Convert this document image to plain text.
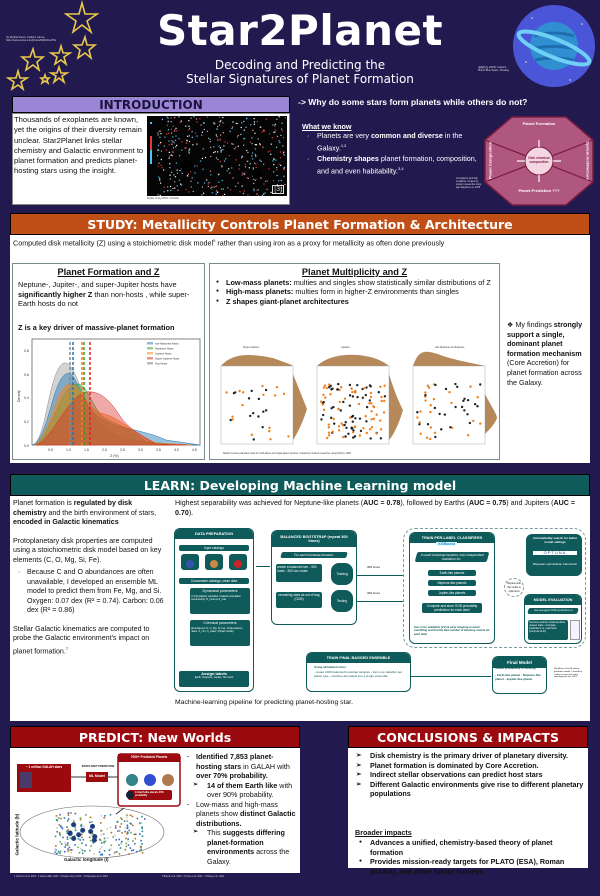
(1) Myrilda Stores. Untitled. Canva. https://www.canva.com/photos/MADzDe27Fk	Star2Planet
Decoding and Predicting the
Stellar Signatures of Planet Formation
漫画科技 (2025). Cartoon Planet Blue Space. Pixabay.
INTRODUCTION
Thousands of exoplanets are known, yet the origins of their diversity remain unclear. Star2Planet links stellar chemistry and Galactic environment to planet formation and predicts planet-hosting stars using the insight.
[3]
Kepler orrery 2016. YouTube.
-> Why do some stars form planets while others do not?
What we know
· Planets are very common and diverse in the Galaxy.$^{1,2}$
· Chemistry shapes planet formation, composition, and and even habitability.$^{3,4}$
Correlations with disk metallicity. Created by student researcher using app.diagrams.net, 2025
Planet Formation
Planet Prediction ???
Planet Composition	System Architecture
Disk chemical composition
STUDY: Metallicity Controls Planet Formation & Architecture
Computed disk metallicity (Z) using a stoichiometric disk model$^5$ rather than using iron as a proxy for metallicity as often done previously
Planet Formation and Z
Neptune-, Jupiter-, and super-Jupiter hosts have significantly higher Z than non-hosts , while super-Earth hosts do not
Z is a key driver of massive-planet formation
0.0
0.2
0.4
0.6
0.8
0.5	1.0	1.5	2.0	2.5	3.0	3.5	4.0	4.5
Z (%)
Density
sub-Neptunes Hosts
Neptunes Hosts
Jupiters Hosts
Super-Jupiters Hosts
Non-Hosts
Planet Multiplicity and Z
● Low-mass planets: multies and singles show statistically similar distributions of Z
● High-mass planets: multies form in higher-Z environments than singles
● Z shapes giant-planet architectures
Super-Jupiters	Jupiters	sub-Neptunes & Neptunes
Stellar Z versus planetary mass for multi-planet and single-planet systems. Created by student researcher using Python, 2025
❖ My findings strongly support a single, dominant planet formation mechanism (Core Accretion) for planet formation across the Galaxy.
LEARN: Developing Machine Learning model

Planet formation is regulated by disk chemistry and the birth environment of stars, encoded in Galactic kinematics

Protoplanetary disk properties are computed using a stoichiometric disk model based on key elements (C, O, Mg, Si, Fe).
· Because C and O abundances are often unavailable, I developed an ensemble ML model to predict them from Fe, Mg, and Si. Oxygen: 0.07 dex (R² = 0.74). Carbon: 0.06 dex (R² = 0.86)

Stellar Galactic kinematics are computed to probe the Galactic environment's impact on planet formation.$^7$

Highest separability was achieved for Neptune-like planets (AUC = 0.78), followed by Earths (AUC = 0.75) and Jupiters (AUC = 0.70).
DATA PREPARATION
Input catalogs
Crossmatch catalogs, clean data
Dynamical parameters
U,V,W galactic velocities; Galactic population membership; R_mean & Z_max
Chemical parameters
Abundances (C, O, Mg, Si, Fe); 10 abundance ratios; Z_mm, C_water, Z(total metals)
Assign labels
Earth, Neptune, Jupiter, Non-host
BALANCED BOOTSTRAP (repeat 300 times)
For each bootstrap iteration:
create a balanced set: - 500 hosts - 500 non-hosts
Training
remaining stars as out of bag (OOB)	Testing
300 times
300 times
TRAIN PER-LABEL CLASSIFIERS
XGBoost
In each bootstrap iteration, train independent classifiers for:
Earth-like planets
Neptune-like planets
Jupiter-like planets
Compute and store OOB probability predictions for each label
Use cross-validation (CV) & early stopping to avoid overfitting and find the best number of boosting rounds for each label
Automatically search for better model settings
OPTUNA
Bayesian optimization framework
Repeat until the model is optimized
MODEL EVALUATION
Use averaged OOB predictions to
Test how well the model predicts unseen stars - Compare predictions vs. real hosts (compute AUC)
TRAIN FINAL BAGGED ENSEMBLE
Using all labeled stars:
- create 1000 balanced bootstrap samples - train one classifier per planet type - combine all models into a single ensemble
Final Model
Stable probability of hosting:
- Earth-like planet - Neptune-like planet - Jupiter-like planet
Workflow of the ML planet prediction model. Created by student researcher using app.diagrams.net, 2025
Machine-learning pipeline for predicting planet-hosting star.
PREDICT: New Worlds
~ 1 million GALAH stars	EXOPLANET PREDICTION
ML Model
7000+ Predicted Planets
14 Earth-like planets 90% probability
Galactic longitude (l)
Galactic latitude (b)
· Identified 7,853 planet-hosting stars in GALAH with over 70% probability.
➢ 14 of them Earth like with over 90% probability.
· Low-mass and high-mass planets show distinct Galactic distributions.
➢ This suggests differing planet-formation environments across the Galaxy.
1 Johnson et al. 2010 · 2 Gaia Collab. 2023 · 3 Kepler orrery 2016 · 4 Kopparapu et al. 2013	5 Bitsch et al. 2020 · 6 Chen et al. 2024 · 7 Zhang et al. 2021
CONCLUSIONS & IMPACTS
➢ Disk chemistry is the primary driver of planetary diversity.
➢ Planet formation is dominated by Core Accretion.
➢ Indirect stellar observations can predict host stars
➢ Different Galactic environments give rise to different planetary populations
Broader impacts
● Advances a unified, chemistry-based theory of planet formation
● Provides mission-ready targets for PLATO (ESA), Roman (NASA), and other future surveys
